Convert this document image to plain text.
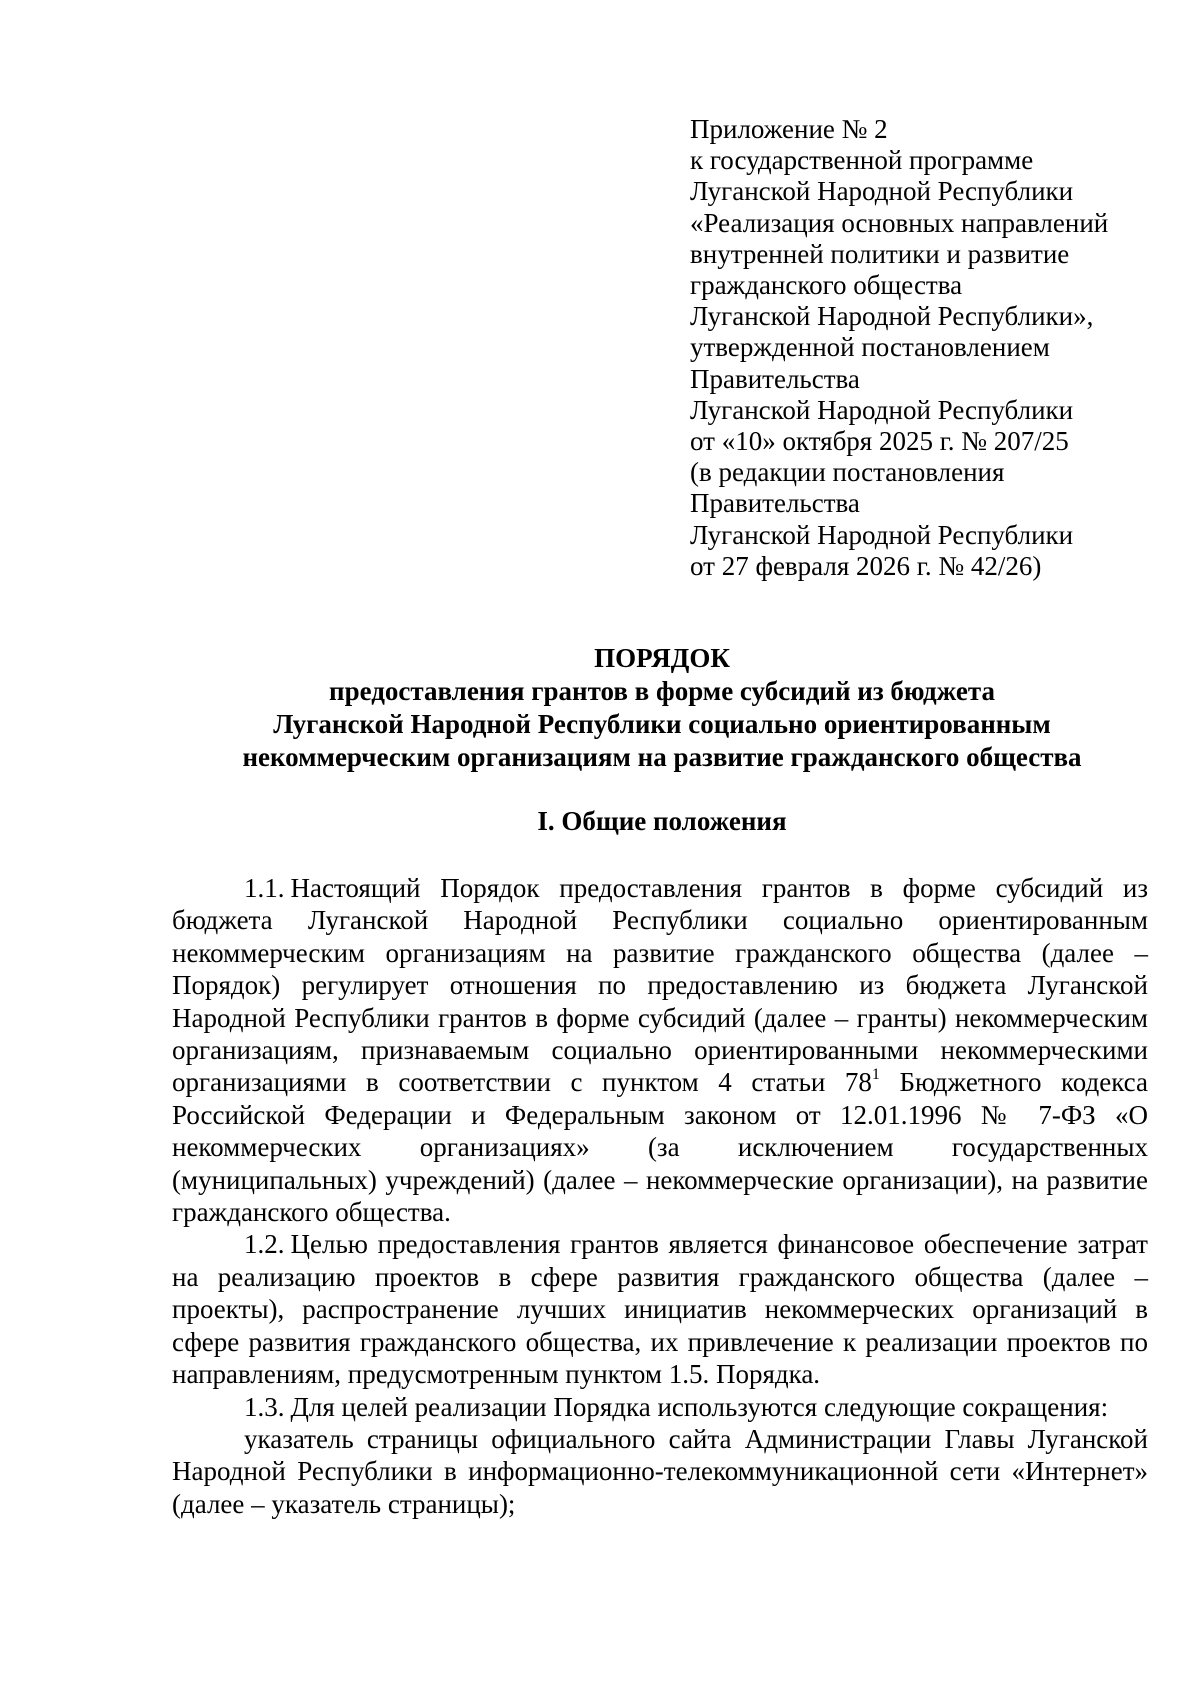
Приложение № 2
к государственной программе
Луганской Народной Республики
«Реализация основных направлений
внутренней политики и развитие
гражданского общества
Луганской Народной Республики»,
утвержденной постановлением
Правительства
Луганской Народной Республики
от «10» октября 2025 г. № 207/25
(в редакции постановления
Правительства
Луганской Народной Республики
от 27 февраля 2026 г. № 42/26)
ПОРЯДОК
предоставления грантов в форме субсидий из бюджета
Луганской Народной Республики социально ориентированным
некоммерческим организациям на развитие гражданского общества
I. Общие положения

1.1. Настоящий Порядок предоставления грантов в форме субсидий из бюджета Луганской Народной Республики социально ориентированным некоммерческим организациям на развитие гражданского общества (далее – Порядок) регулирует отношения по предоставлению из бюджета Луганской Народной Республики грантов в форме субсидий (далее – гранты) некоммерческим организациям, признаваемым социально ориентированными некоммерческими организациями в соответствии с пунктом 4 статьи $78^1$ Бюджетного кодекса Российской Федерации и Федеральным законом от 12.01.1996 № 7-ФЗ «О некоммерческих организациях» (за исключением государственных (муниципальных) учреждений) (далее – некоммерческие организации), на развитие гражданского общества.

1.2. Целью предоставления грантов является финансовое обеспечение затрат на реализацию проектов в сфере развития гражданского общества (далее – проекты), распространение лучших инициатив некоммерческих организаций в сфере развития гражданского общества, их привлечение к реализации проектов по направлениям, предусмотренным пунктом 1.5. Порядка.

1.3. Для целей реализации Порядка используются следующие сокращения:

указатель страницы официального сайта Администрации Главы Луганской Народной Республики в информационно-телекоммуникационной сети «Интернет» (далее – указатель страницы);
